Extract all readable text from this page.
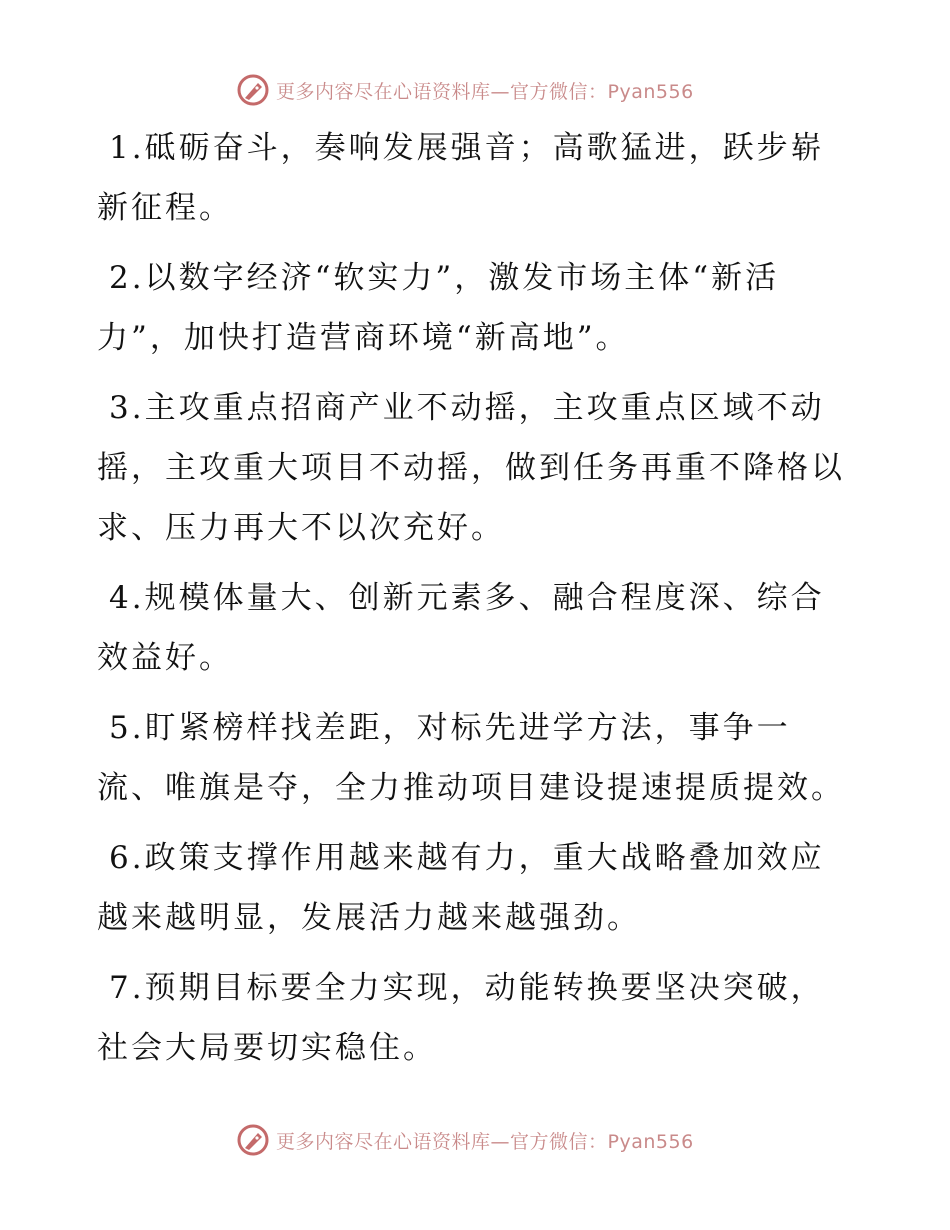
更多内容尽在心语资料库—官方微信：Pyan556

1.砥砺奋斗，奏响发展强音；高歌猛进，跃步崭新征程。

2.以数字经济“软实力”，激发市场主体“新活力”，加快打造营商环境“新高地”。

3.主攻重点招商产业不动摇，主攻重点区域不动摇，主攻重大项目不动摇，做到任务再重不降格以求、压力再大不以次充好。

4.规模体量大、创新元素多、融合程度深、综合效益好。

5.盯紧榜样找差距，对标先进学方法，事争一流、唯旗是夺，全力推动项目建设提速提质提效。

6.政策支撑作用越来越有力，重大战略叠加效应越来越明显，发展活力越来越强劲。

7.预期目标要全力实现，动能转换要坚决突破，社会大局要切实稳住。

更多内容尽在心语资料库—官方微信：Pyan556
